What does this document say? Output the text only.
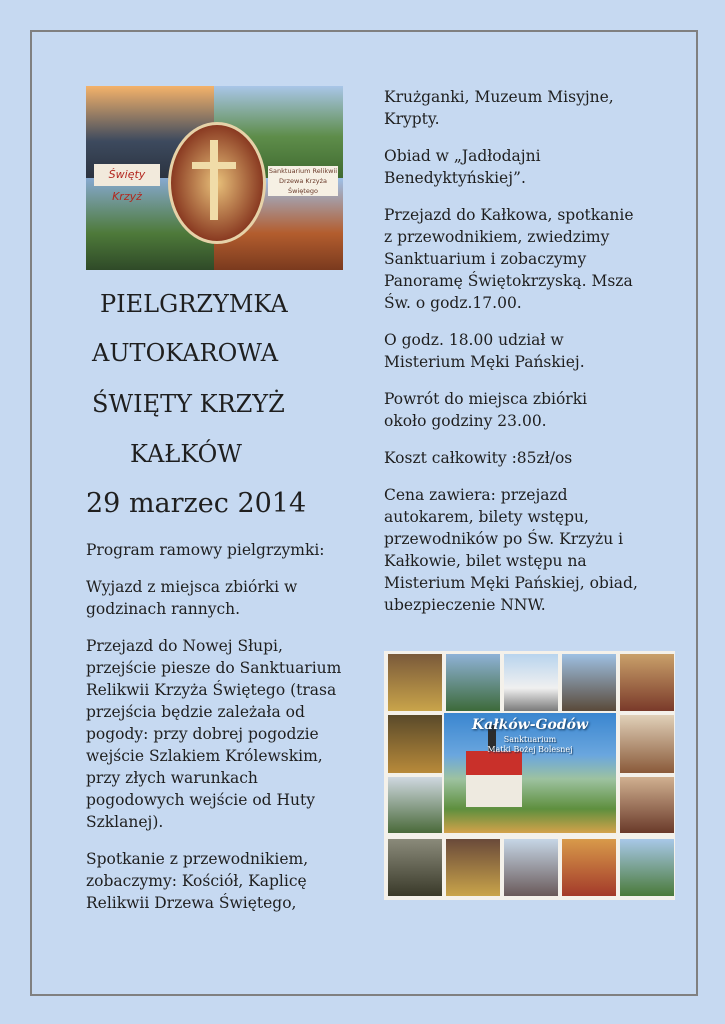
Święty Krzyż
Sanktuarium Relikwii Drzewa Krzyża Świętego
PIELGRZYMKA
AUTOKAROWA
ŚWIĘTY KRZYŻ
KAŁKÓW
29 marzec 2014

Program ramowy pielgrzymki:

Wyjazd z miejsca zbiórki w godzinach rannych.

Przejazd do Nowej Słupi, przejście piesze do Sanktuarium Relikwii Krzyża Świętego (trasa przejścia będzie zależała od pogody: przy dobrej pogodzie wejście Szlakiem Królewskim, przy złych warunkach pogodowych wejście od Huty Szklanej).

Spotkanie z przewodnikiem, zobaczymy: Kościół, Kaplicę Relikwii Drzewa Świętego,

Krużganki, Muzeum Misyjne, Krypty.

Obiad w „Jadłodajni Benedyktyńskiej”.

Przejazd do Kałkowa, spotkanie z przewodnikiem, zwiedzimy Sanktuarium i zobaczymy Panoramę Świętokrzyską. Msza Św. o godz.17.00.

O godz. 18.00 udział w Misterium Męki Pańskiej.

Powrót do miejsca zbiórki około godziny 23.00.

Koszt całkowity :85zł/os

Cena zawiera: przejazd autokarem, bilety wstępu, przewodników po Św. Krzyżu i Kałkowie, bilet wstępu na Misterium Męki Pańskiej, obiad, ubezpieczenie NNW.

Kałków-Godów
Sanktuarium
Matki Bożej Bolesnej
